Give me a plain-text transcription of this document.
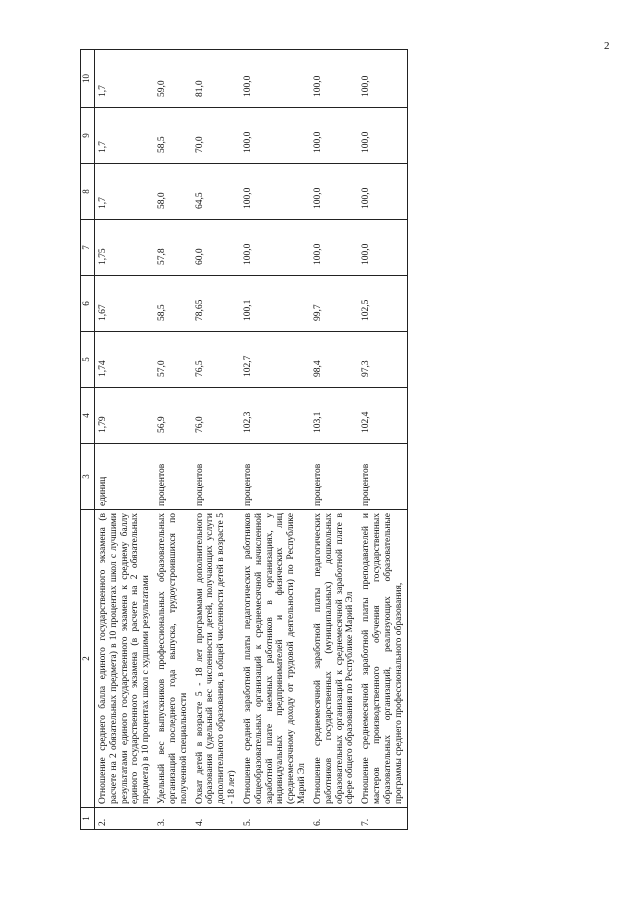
2
1	2	3	4	5	6	7	8	9	10
2.	Отношение среднего балла единого государственного экзамена (в расчете на 2 обязательных предмета) в 10 процентах школ с лучшими результатами единого государственного экзамена к среднему баллу единого государственного экзамена (в расчете на 2 обязательных предмета) в 10 процентах школ с худшими результатами	единиц	1,79	1,74	1,67	1,75	1,7	1,7	1,7
3.	Удельный вес выпускников профессиональных образовательных организаций последнего года выпуска, трудоустроившихся по полученной специальности	процентов	56,9	57,0	58,5	57,8	58,0	58,5	59,0
4.	Охват детей в возрасте 5 - 18 лет программами дополнительного образования (удельный вес численности детей, получающих услуги дополнительного образования, в общей численности детей в возрасте 5 - 18 лет)	процентов	76,0	76,5	78,65	60,0	64,5	70,0	81,0
5.	Отношение средней заработной платы педагогических работников общеобразовательных организаций к среднемесячной начисленной заработной плате наемных работников в организациях, у индивидуальных предпринимателей и физических лиц (среднемесячному доходу от трудовой деятельности) по Республике Марий Эл	процентов	102,3	102,7	100,1	100,0	100,0	100,0	100,0
6.	Отношение среднемесячной заработной платы педагогических работников государственных (муниципальных) дошкольных образовательных организаций к среднемесячной заработной плате в сфере общего образования по Республике Марий Эл	процентов	103,1	98,4	99,7	100,0	100,0	100,0	100,0
7.	Отношение среднемесячной заработной платы преподавателей и мастеров производственного обучения государственных образовательных организаций, реализующих образовательные программы среднего профессионального образования,	процентов	102,4	97,3	102,5	100,0	100,0	100,0	100,0
